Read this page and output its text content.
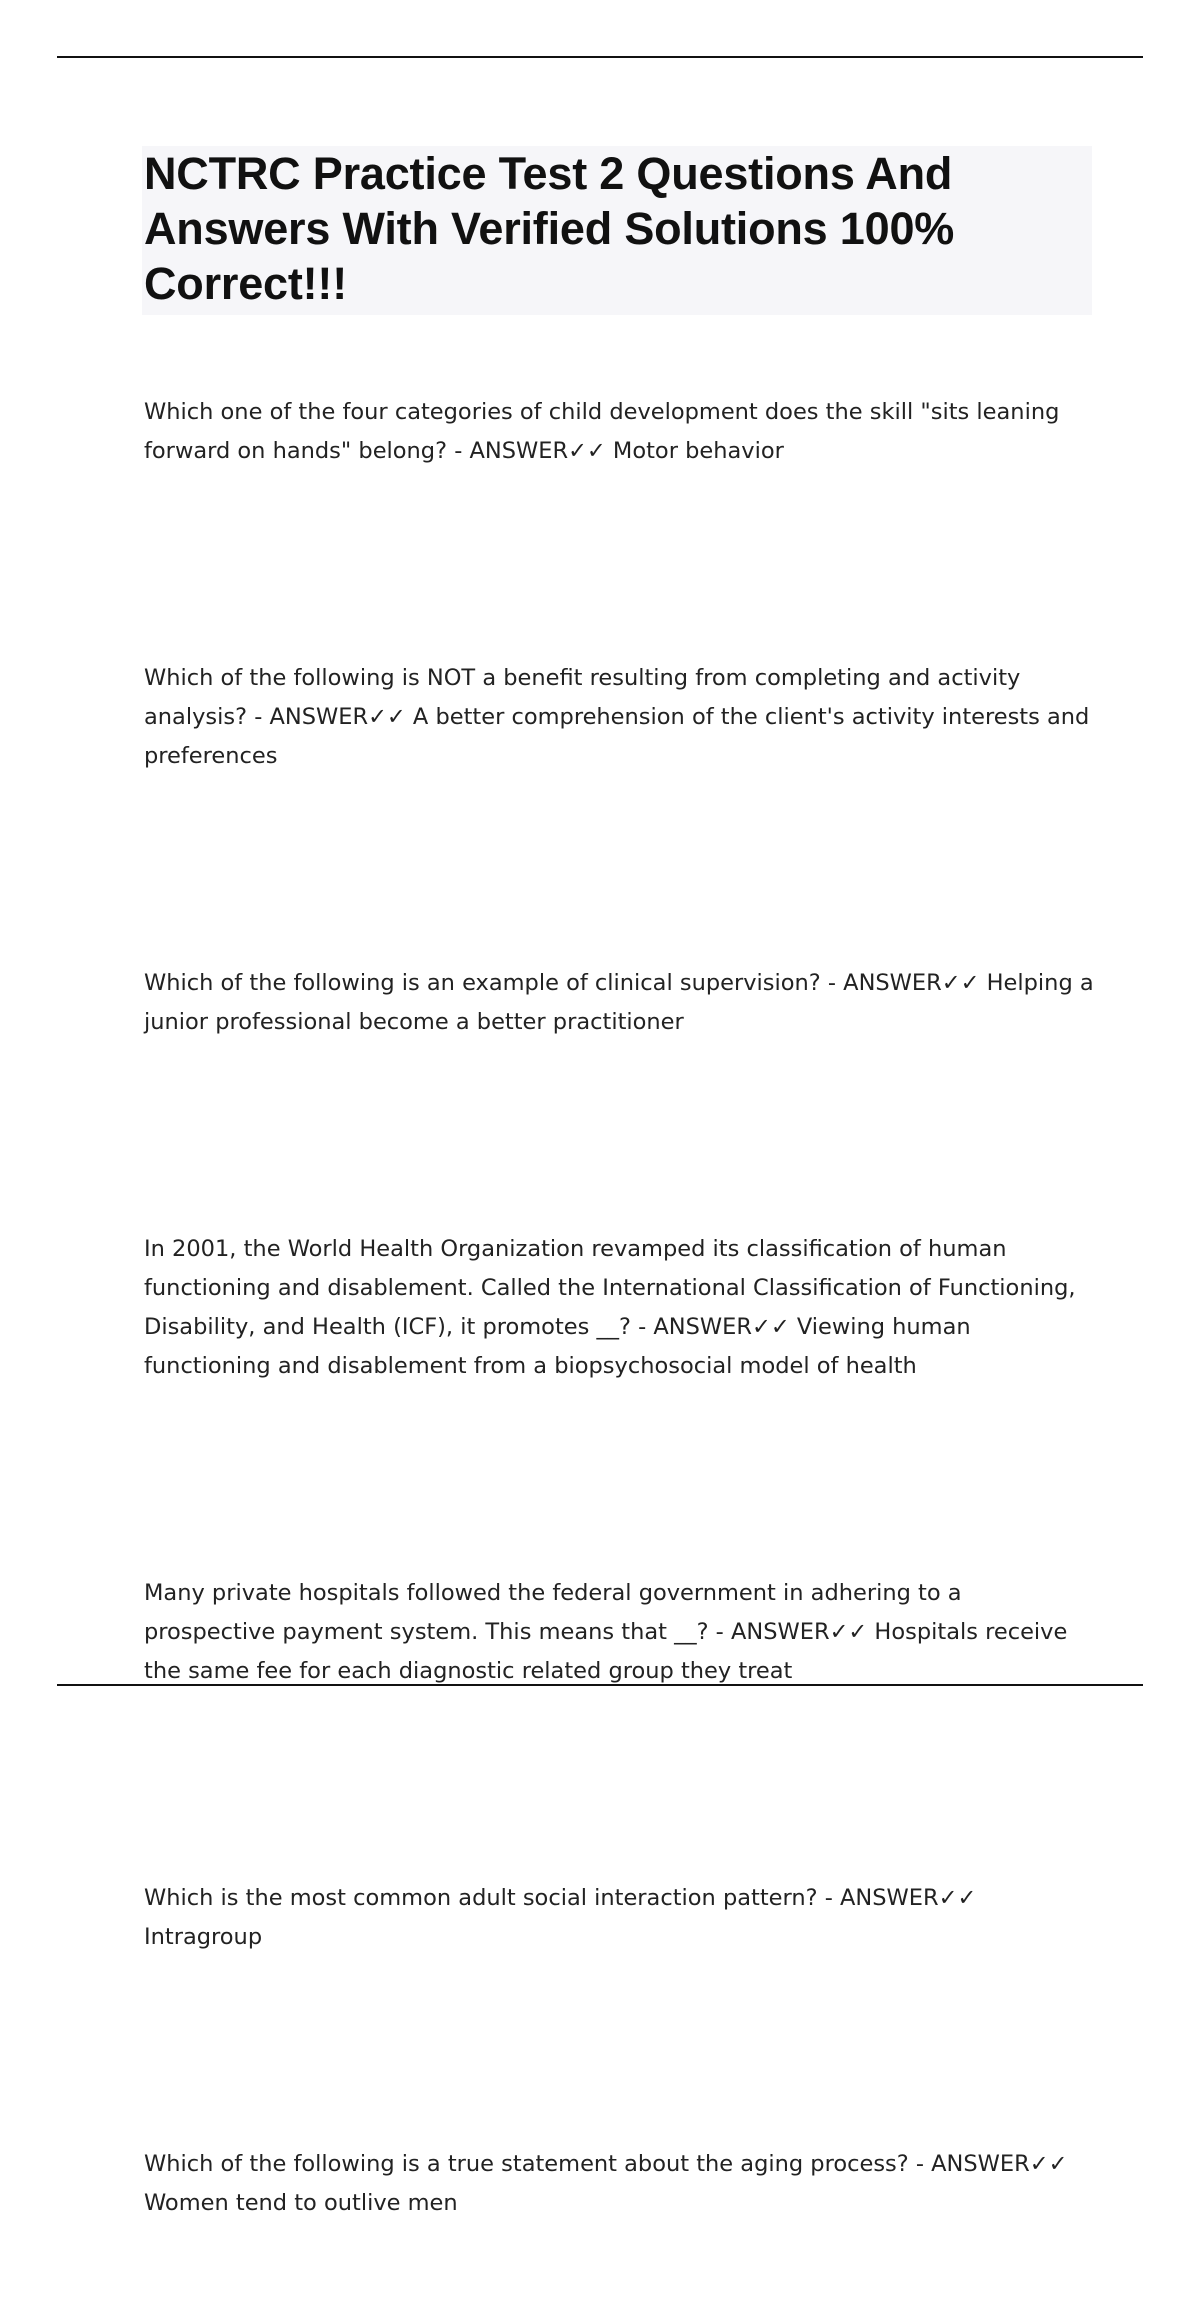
NCTRC Practice Test 2 Questions And Answers With Verified Solutions 100% Correct!!!

Which one of the four categories of child development does the skill "sits leaning forward on hands" belong? - ANSWER✓✓ Motor behavior

Which of the following is NOT a benefit resulting from completing and activity analysis? - ANSWER✓✓ A better comprehension of the client's activity interests and preferences

Which of the following is an example of clinical supervision? - ANSWER✓✓ Helping a junior professional become a better practitioner

In 2001, the World Health Organization revamped its classification of human functioning and disablement. Called the International Classification of Functioning, Disability, and Health (ICF), it promotes __? - ANSWER✓✓ Viewing human functioning and disablement from a biopsychosocial model of health

Many private hospitals followed the federal government in adhering to a prospective payment system. This means that __? - ANSWER✓✓ Hospitals receive the same fee for each diagnostic related group they treat

Which is the most common adult social interaction pattern? - ANSWER✓✓ Intragroup

Which of the following is a true statement about the aging process? - ANSWER✓✓ Women tend to outlive men
